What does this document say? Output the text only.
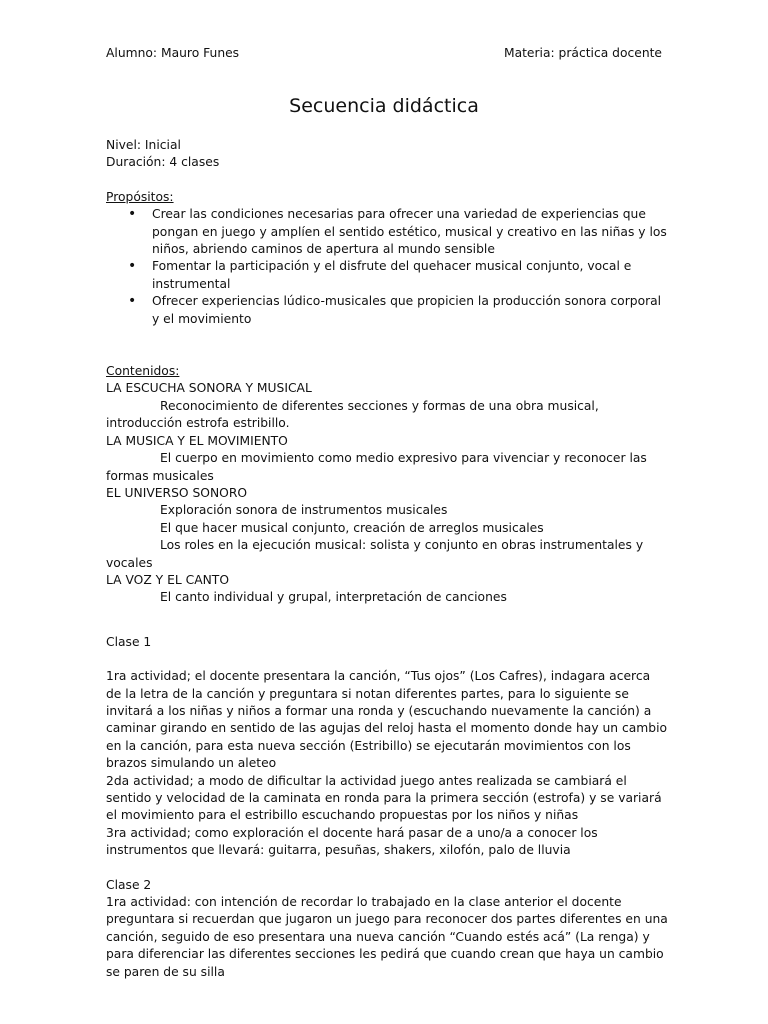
Alumno: Mauro Funes	Materia: práctica docente
Secuencia didáctica

Nivel: Inicial

Duración: 4 clases

Propósitos:

• Crear las condiciones necesarias para ofrecer una variedad de experiencias que pongan en juego y amplíen el sentido estético, musical y creativo en las niñas y los niños, abriendo caminos de apertura al mundo sensible
• Fomentar la participación y el disfrute del quehacer musical conjunto, vocal e instrumental
• Ofrecer experiencias lúdico-musicales que propicien la producción sonora corporal y el movimiento

Contenidos:

LA ESCUCHA SONORA Y MUSICAL

Reconocimiento de diferentes secciones y formas de una obra musical, introducción estrofa estribillo.

LA MUSICA Y EL MOVIMIENTO

El cuerpo en movimiento como medio expresivo para vivenciar y reconocer las formas musicales

EL UNIVERSO SONORO

Exploración sonora de instrumentos musicales

El que hacer musical conjunto, creación de arreglos musicales

Los roles en la ejecución musical: solista y conjunto en obras instrumentales y vocales

LA VOZ Y EL CANTO

El canto individual y grupal, interpretación de canciones

Clase 1

1ra actividad; el docente presentara la canción, “Tus ojos” (Los Cafres), indagara acerca de la letra de la canción y preguntara si notan diferentes partes, para lo siguiente se invitará a los niñas y niños a formar una ronda y (escuchando nuevamente la canción) a caminar girando en sentido de las agujas del reloj hasta el momento donde hay un cambio en la canción, para esta nueva sección (Estribillo) se ejecutarán movimientos con los brazos simulando un aleteo

2da actividad; a modo de dificultar la actividad juego antes realizada se cambiará el sentido y velocidad de la caminata en ronda para la primera sección (estrofa) y se variará el movimiento para el estribillo escuchando propuestas por los niños y niñas

3ra actividad; como exploración el docente hará pasar de a uno/a a conocer los instrumentos que llevará: guitarra, pesuñas, shakers, xilofón, palo de lluvia

Clase 2

1ra actividad: con intención de recordar lo trabajado en la clase anterior el docente preguntara si recuerdan que jugaron un juego para reconocer dos partes diferentes en una canción, seguido de eso presentara una nueva canción “Cuando estés acá” (La renga) y para diferenciar las diferentes secciones les pedirá que cuando crean que haya un cambio se paren de su silla
